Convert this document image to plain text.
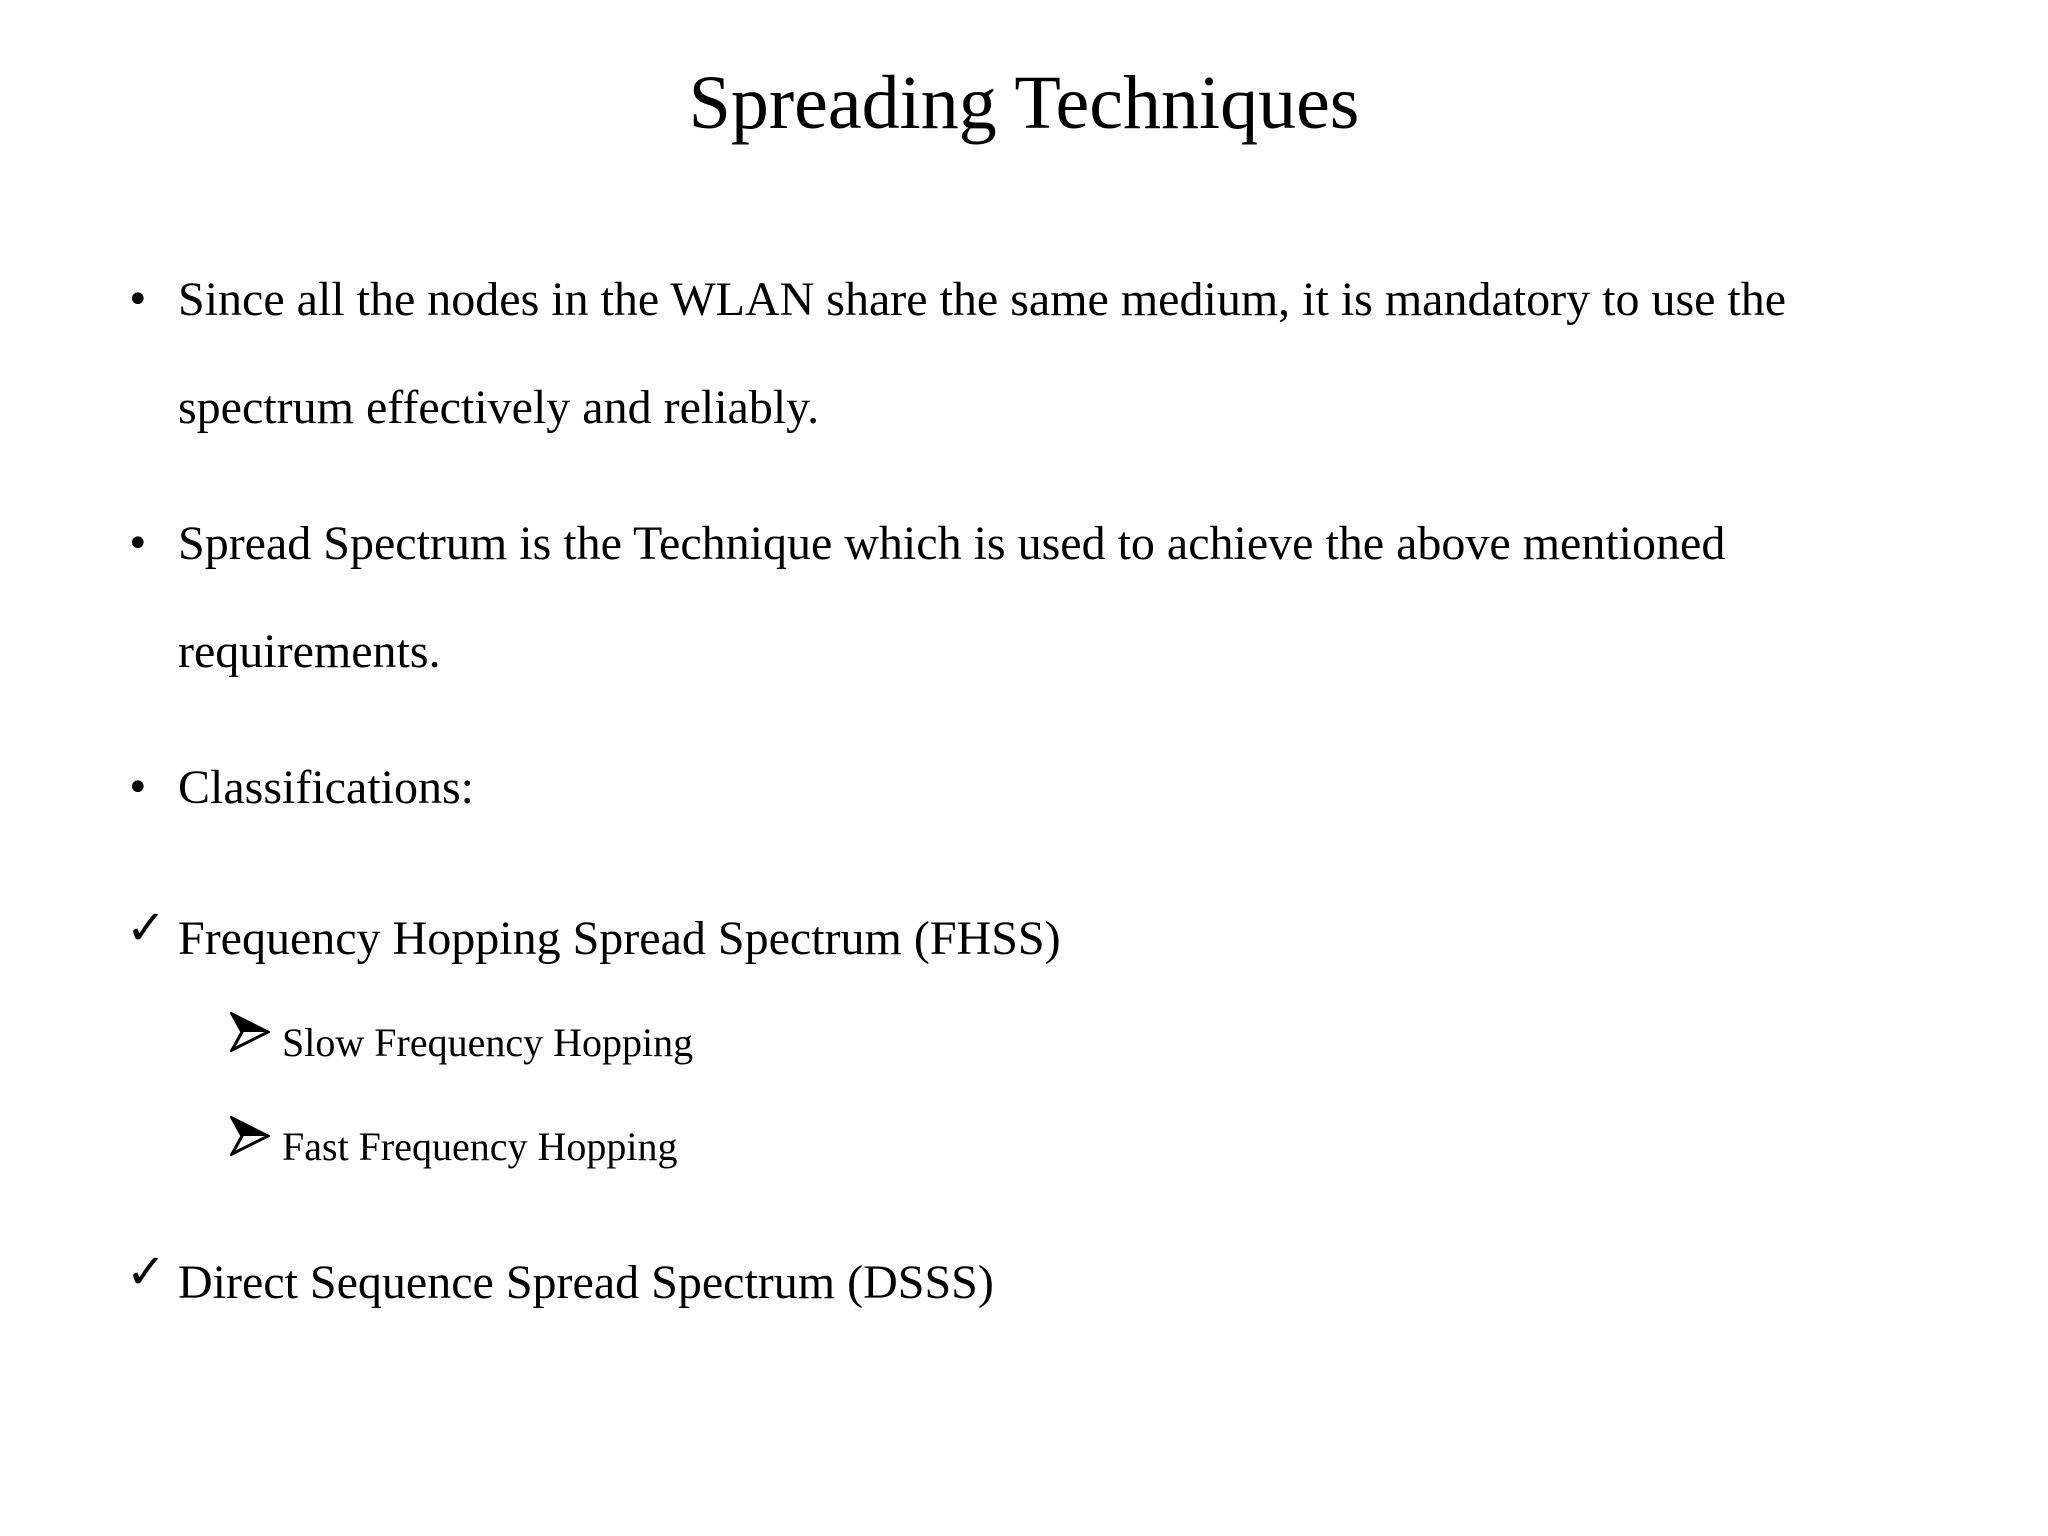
Spreading Techniques
• Since all the nodes in the WLAN share the same medium, it is mandatory to use the
spectrum effectively and reliably.
• Spread Spectrum is the Technique which is used to achieve the above mentioned
requirements.
• Classifications:
✓ Frequency Hopping Spread Spectrum (FHSS)
Slow Frequency Hopping
Fast Frequency Hopping
✓ Direct Sequence Spread Spectrum (DSSS)
